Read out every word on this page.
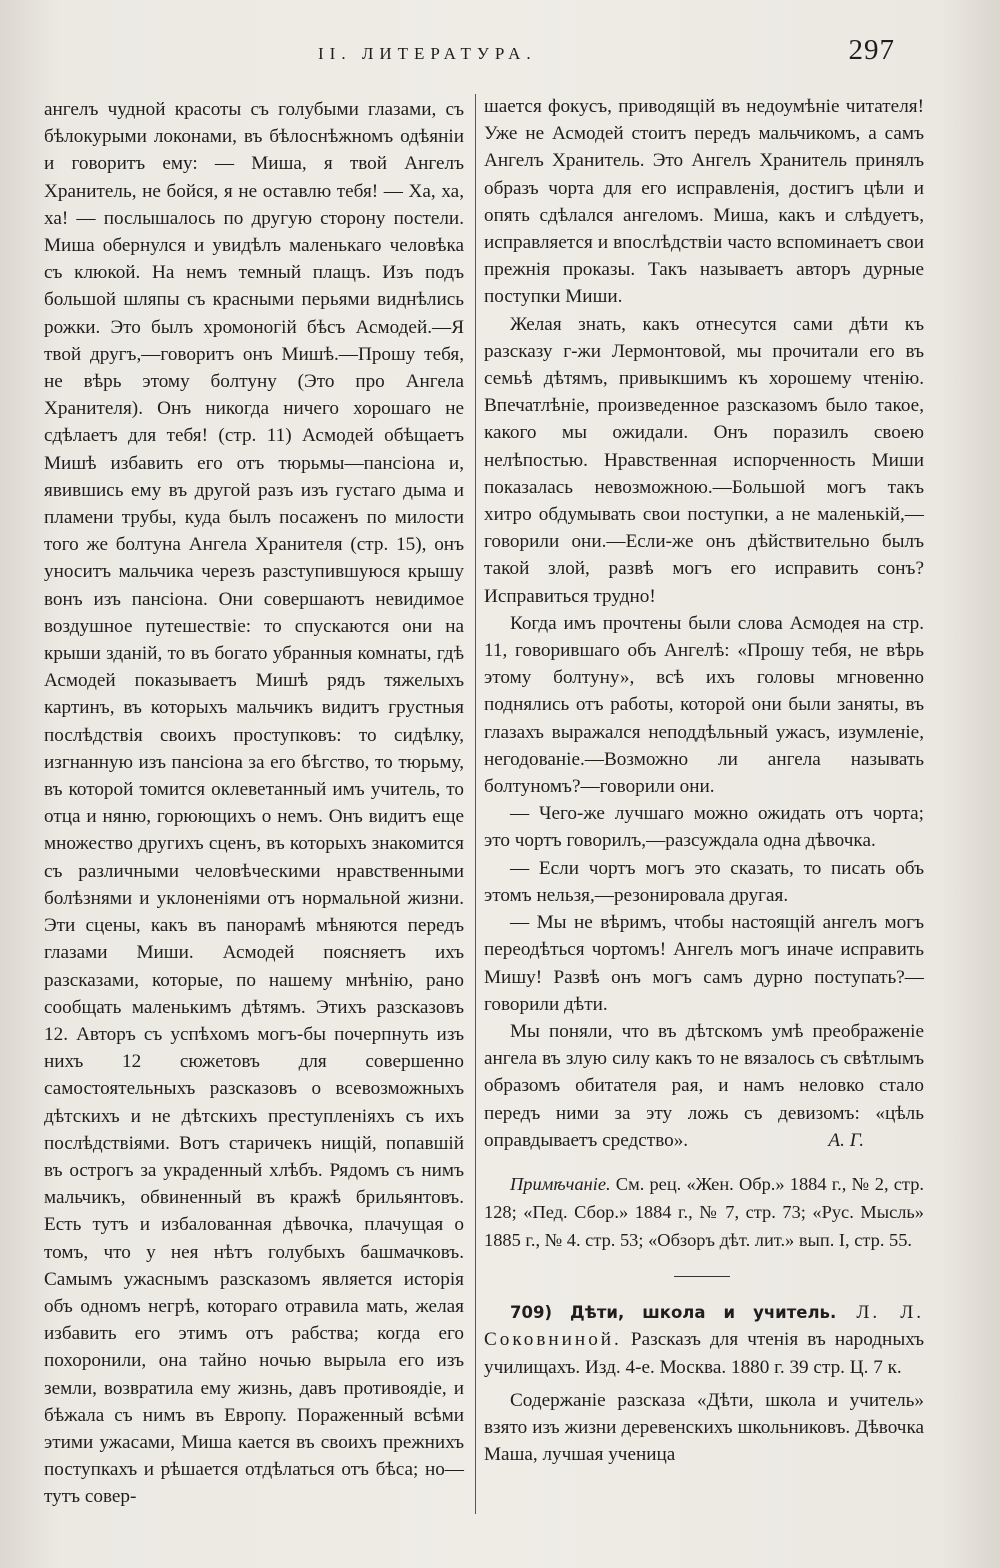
II. ЛИТЕРАТУРА.	297

ангелъ чудной красоты съ голубыми глазами, съ бѣлокурыми локонами, въ бѣлоснѣжномъ одѣяніи и говоритъ ему: — Миша, я твой Ангелъ Хранитель, не бойся, я не оставлю тебя! — Ха, ха, ха! — послышалось по другую сторону постели. Миша обернулся и увидѣлъ маленькаго человѣка съ клюкой. На немъ темный плащъ. Изъ подъ большой шляпы съ красными перьями виднѣлись рожки. Это былъ хромоногій бѣсъ Асмодей.—Я твой другъ,—говоритъ онъ Мишѣ.—Прошу тебя, не вѣрь этому болтуну (Это про Ангела Хранителя). Онъ никогда ничего хорошаго не сдѣлаетъ для тебя! (стр. 11) Асмодей обѣщаетъ Мишѣ избавить его отъ тюрьмы—пансіона и, явившись ему въ другой разъ изъ густаго дыма и пламени трубы, куда былъ посаженъ по милости того же болтуна Ангела Хранителя (стр. 15), онъ уноситъ мальчика черезъ разступившуюся крышу вонъ изъ пансіона. Они совершаютъ невидимое воздушное путешествіе: то спускаются они на крыши зданій, то въ богато убранныя комнаты, гдѣ Асмодей показываетъ Мишѣ рядъ тяжелыхъ картинъ, въ которыхъ мальчикъ видитъ грустныя послѣдствія своихъ проступковъ: то сидѣлку, изгнанную изъ пансіона за его бѣгство, то тюрьму, въ которой томится оклеветанный имъ учитель, то отца и няню, горюющихъ о немъ. Онъ видитъ еще множество другихъ сценъ, въ которыхъ знакомится съ различными человѣческими нравственными болѣзнями и уклоненіями отъ нормальной жизни. Эти сцены, какъ въ панорамѣ мѣняются передъ глазами Миши. Асмодей поясняетъ ихъ разсказами, которые, по нашему мнѣнію, рано сообщать маленькимъ дѣтямъ. Этихъ разсказовъ 12. Авторъ съ успѣхомъ могъ-бы почерпнуть изъ нихъ 12 сюжетовъ для совершенно самостоятельныхъ разсказовъ о всевозможныхъ дѣтскихъ и не дѣтскихъ преступленіяхъ съ ихъ послѣдствіями. Вотъ старичекъ нищій, попавшій въ острогъ за украденный хлѣбъ. Рядомъ съ нимъ мальчикъ, обвиненный въ кражѣ брильянтовъ. Есть тутъ и избалованная дѣвочка, плачущая о томъ, что у нея нѣтъ голубыхъ башмачковъ. Самымъ ужаснымъ разсказомъ является исторія объ одномъ негрѣ, котораго отравила мать, желая избавить его этимъ отъ рабства; когда его похоронили, она тайно ночью вырыла его изъ земли, возвратила ему жизнь, давъ противоядіе, и бѣжала съ нимъ въ Европу. Пораженный всѣми этими ужасами, Миша кается въ своихъ прежнихъ поступкахъ и рѣшается отдѣлаться отъ бѣса; но—тутъ совер-

шается фокусъ, приводящій въ недоумѣніе читателя! Уже не Асмодей стоитъ передъ мальчикомъ, а самъ Ангелъ Хранитель. Это Ангелъ Хранитель принялъ образъ чорта для его исправленія, достигъ цѣли и опять сдѣлался ангеломъ. Миша, какъ и слѣдуетъ, исправляется и впослѣдствіи часто вспоминаетъ свои прежнія проказы. Такъ называетъ авторъ дурные поступки Миши.

Желая знать, какъ отнесутся сами дѣти къ разсказу г-жи Лермонтовой, мы прочитали его въ семьѣ дѣтямъ, привыкшимъ къ хорошему чтенію. Впечатлѣніе, произведенное разсказомъ было такое, какого мы ожидали. Онъ поразилъ своею нелѣпостью. Нравственная испорченность Миши показалась невозможною.—Большой могъ такъ хитро обдумывать свои поступки, а не маленькій,—говорили они.—Если-же онъ дѣйствительно былъ такой злой, развѣ могъ его исправить сонъ? Исправиться трудно!

Когда имъ прочтены были слова Асмодея на стр. 11, говорившаго объ Ангелѣ: «Прошу тебя, не вѣрь этому болтуну», всѣ ихъ головы мгновенно поднялись отъ работы, которой они были заняты, въ глазахъ выражался неподдѣльный ужасъ, изумленіе, негодованіе.—Возможно ли ангела называть болтуномъ?—говорили они.

— Чего-же лучшаго можно ожидать отъ чорта; это чортъ говорилъ,—разсуждала одна дѣвочка.

— Если чортъ могъ это сказать, то писать объ этомъ нельзя,—резонировала другая.

— Мы не вѣримъ, чтобы настоящій ангелъ могъ переодѣться чортомъ! Ангелъ могъ иначе исправить Мишу! Развѣ онъ могъ самъ дурно поступать?—говорили дѣти.

Мы поняли, что въ дѣтскомъ умѣ преображеніе ангела въ злую силу какъ то не вязалось съ свѣтлымъ образомъ обитателя рая, и намъ неловко стало передъ ними за эту ложь съ девизомъ: «цѣль оправдываетъ средство».	А. Г.

Примѣчаніе. См. рец. «Жен. Обр.» 1884 г., № 2, стр. 128; «Пед. Сбор.» 1884 г., № 7, стр. 73; «Рус. Мысль» 1885 г., № 4. стр. 53; «Обзоръ дѣт. лит.» вып. I, стр. 55.

709) Дѣти, школа и учитель. Л. Л. Соковниной. Разсказъ для чтенія въ народныхъ училищахъ. Изд. 4-е. Москва. 1880 г. 39 стр. Ц. 7 к.

Содержаніе разсказа «Дѣти, школа и учитель» взято изъ жизни деревенскихъ школьниковъ. Дѣвочка Маша, лучшая ученица
